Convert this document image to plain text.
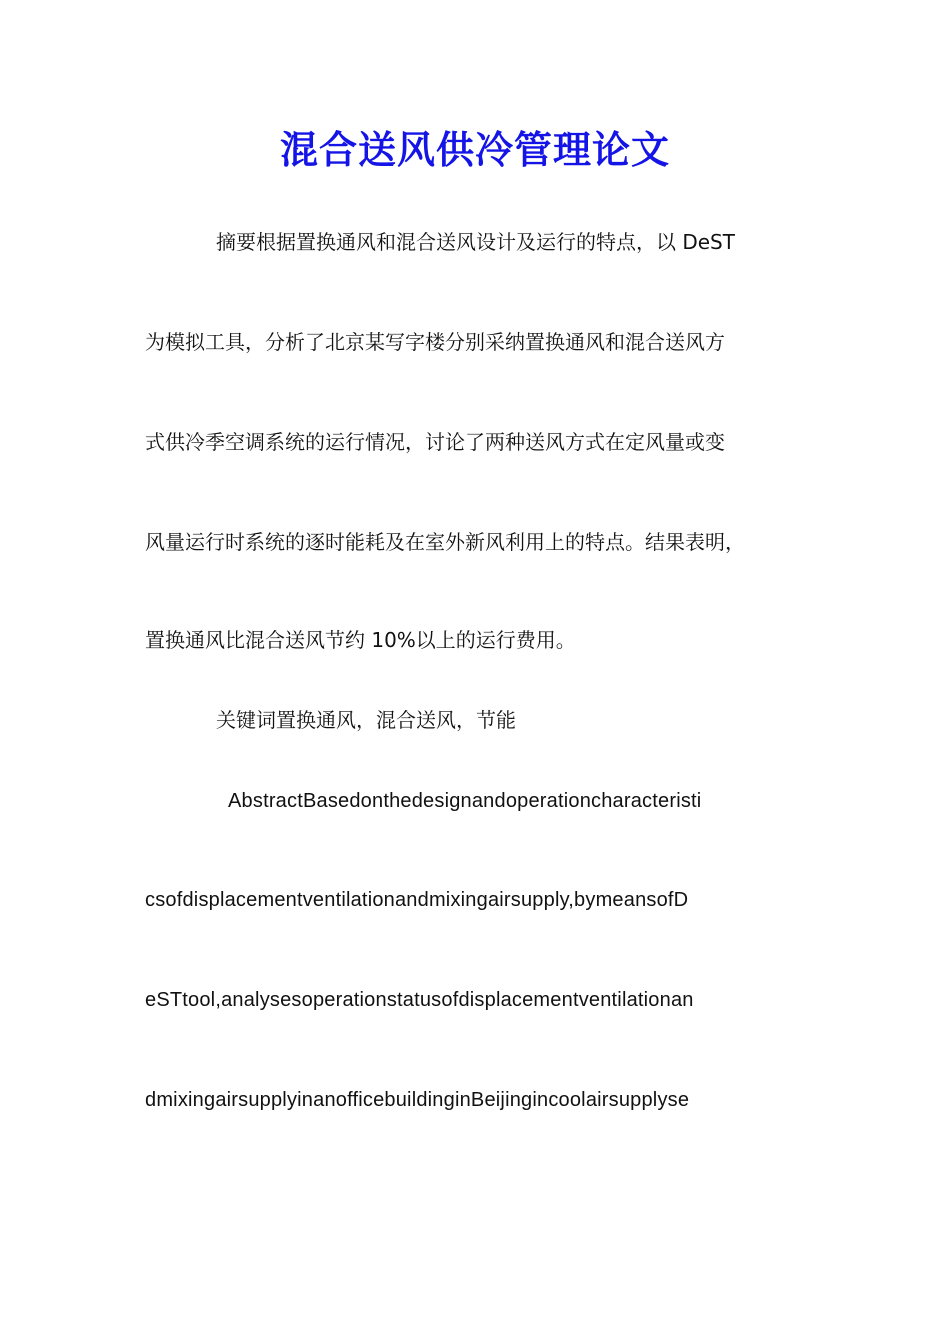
混合送风供冷管理论文
摘要根据置换通风和混合送风设计及运行的特点，以 DeST
为模拟工具，分析了北京某写字楼分别采纳置换通风和混合送风方
式供冷季空调系统的运行情况，讨论了两种送风方式在定风量或变
风量运行时系统的逐时能耗及在室外新风利用上的特点。结果表明，
置换通风比混合送风节约 10%以上的运行费用。
关键词置换通风，混合送风，节能
AbstractBasedonthedesignandoperationcharacteristi
csofdisplacementventilationandmixingairsupply,bymeansofD
eSTtool,analysesoperationstatusofdisplacementventilationan
dmixingairsupplyinanofficebuildinginBeijingincoolairsupplyse
